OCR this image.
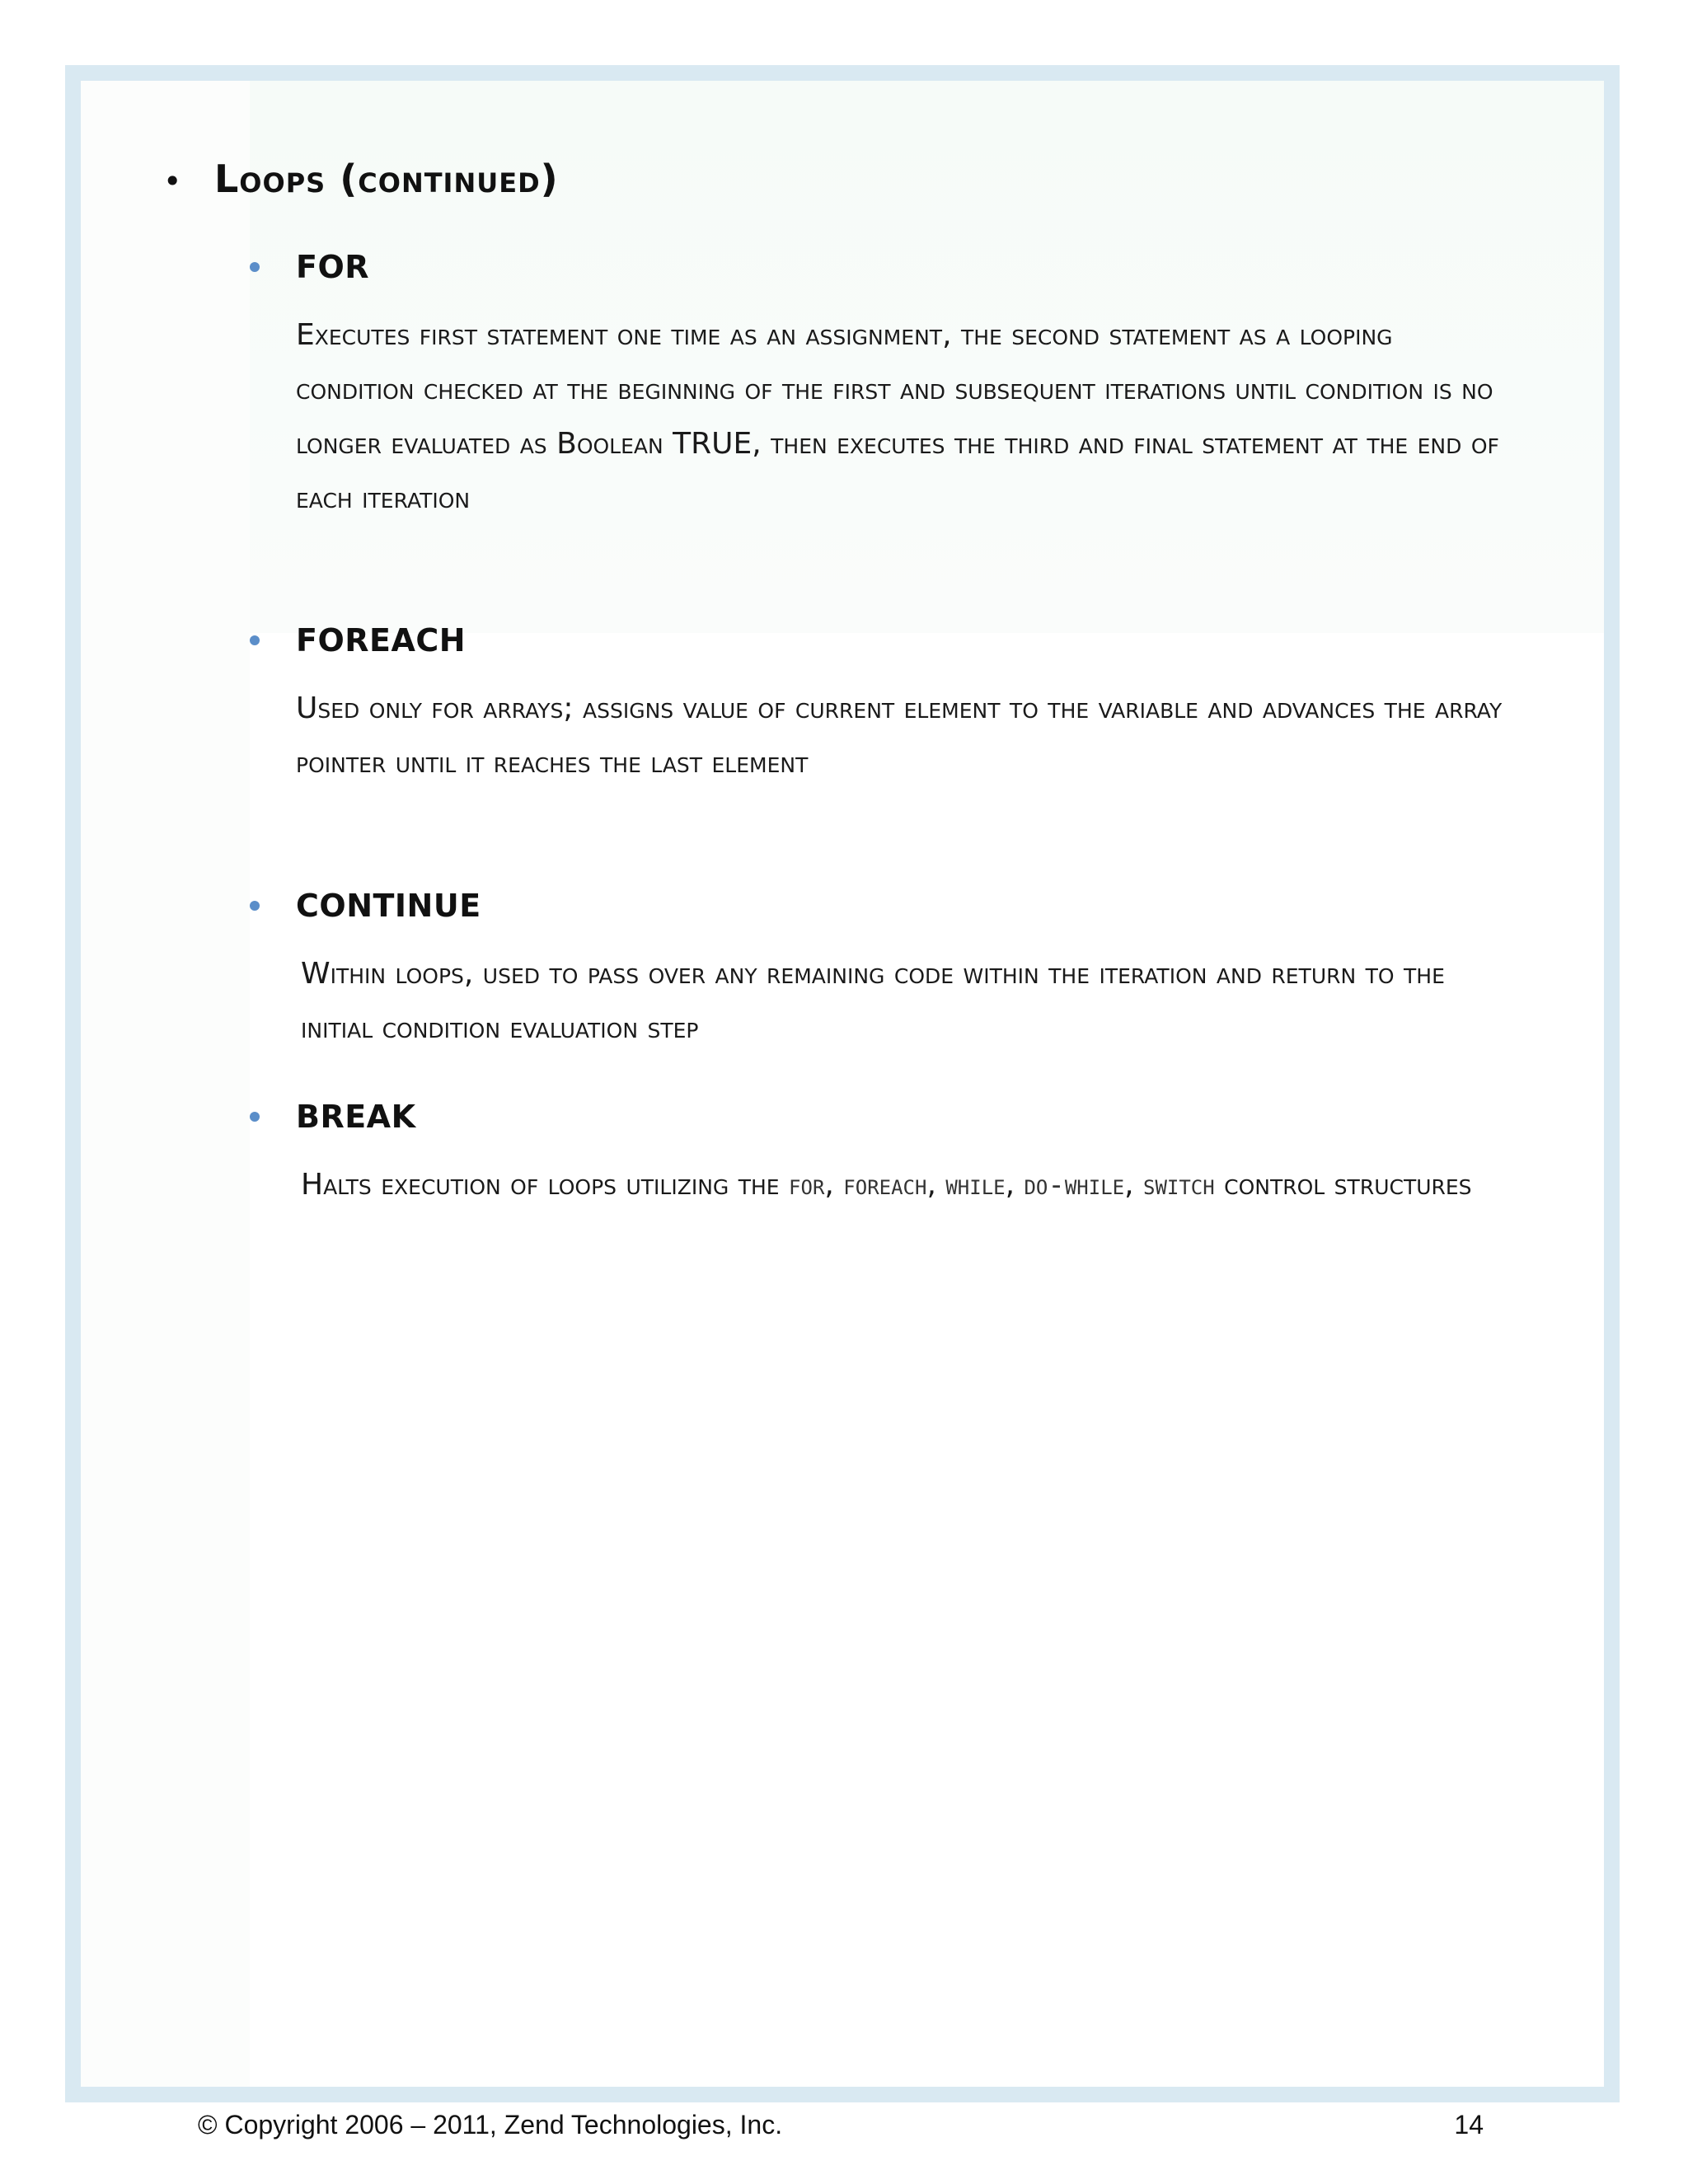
• Loops (continued)
FOR
Executes first statement one time as an assignment, the second statement as a looping condition checked at the beginning of the first and subsequent iterations until condition is no longer evaluated as Boolean TRUE, then executes the third and final statement at the end of each iteration
FOREACH
Used only for arrays; assigns value of current element to the variable and advances the array pointer until it reaches the last element
CONTINUE
Within loops, used to pass over any remaining code within the iteration and return to the initial condition evaluation step
BREAK
Halts execution of loops utilizing the for, foreach, while, do-while, switch control structures
© Copyright 2006 – 2011, Zend Technologies, Inc.	14
